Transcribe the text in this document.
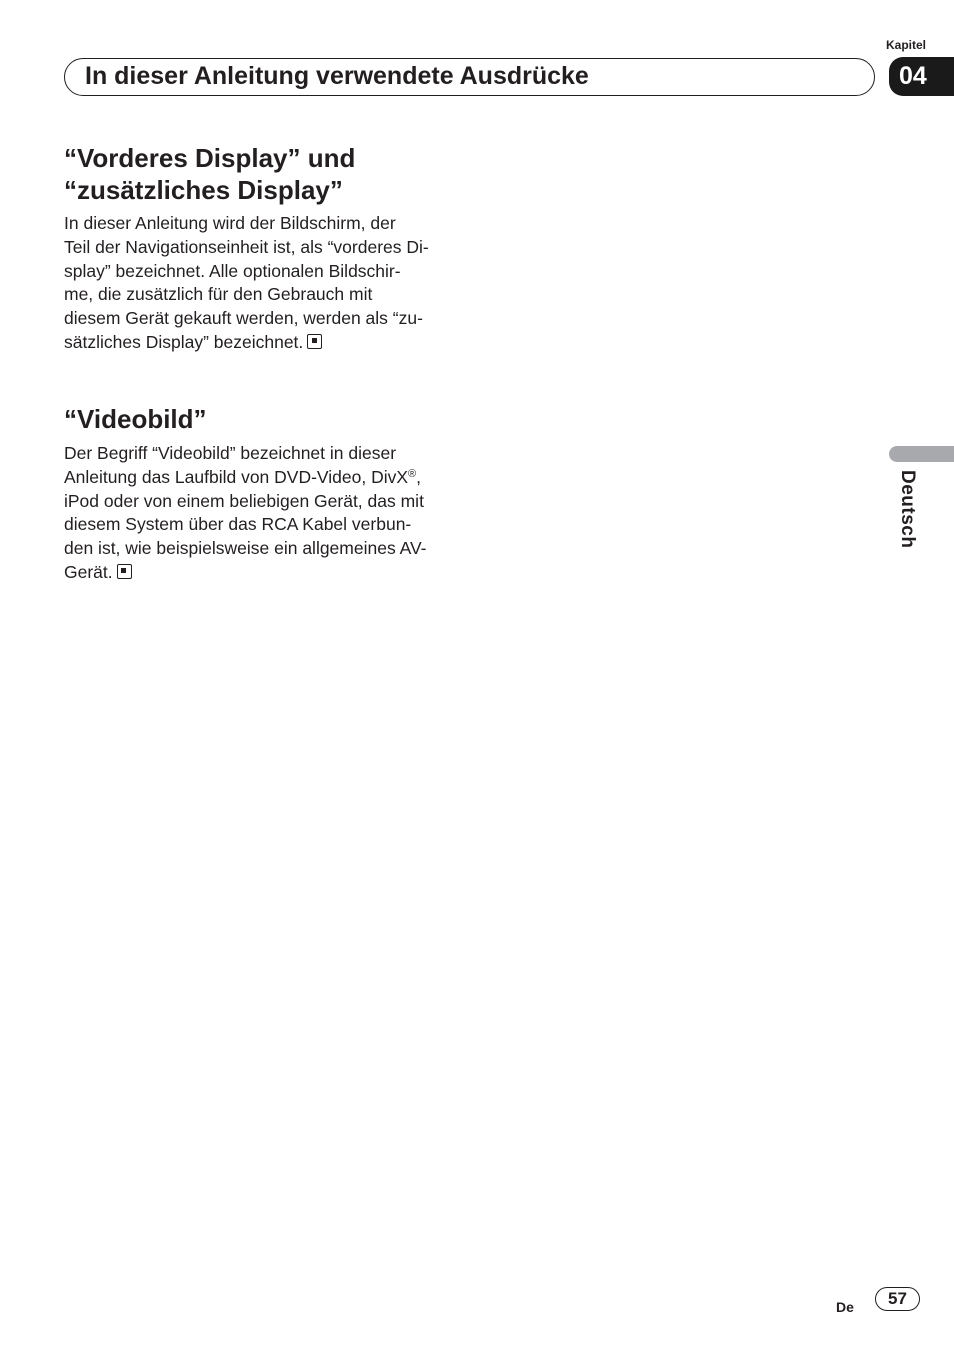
Kapitel
04
In dieser Anleitung verwendete Ausdrücke
“Vorderes Display” und
“zusätzliches Display”

In dieser Anleitung wird der Bildschirm, der
Teil der Navigationseinheit ist, als “vorderes Di-
splay” bezeichnet. Alle optionalen Bildschir-
me, die zusätzlich für den Gebrauch mit
diesem Gerät gekauft werden, werden als “zu-
sätzliches Display” bezeichnet.

“Videobild”

Der Begriff “Videobild” bezeichnet in dieser
Anleitung das Laufbild von DVD-Video, DivX®,
iPod oder von einem beliebigen Gerät, das mit
diesem System über das RCA Kabel verbun-
den ist, wie beispielsweise ein allgemeines AV-
Gerät.

Deutsch
De	57
